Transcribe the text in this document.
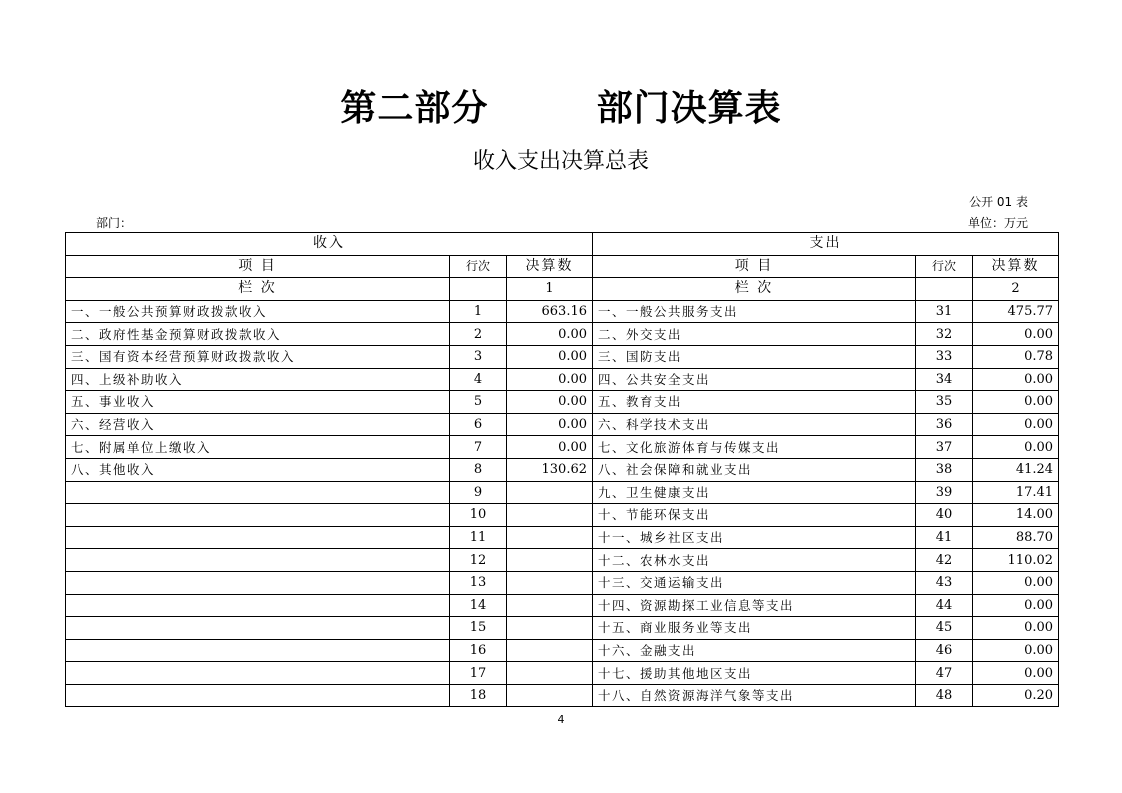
第二部分        部门决算表
收入支出决算总表
公开 01 表
单位：万元
部门：
收入			支出		
项 目	行次	决算数	项 目	行次	决算数
栏 次		1	栏 次		2
一、一般公共预算财政拨款收入	1	663.16	一、一般公共服务支出	31	475.77
二、政府性基金预算财政拨款收入	2	0.00	二、外交支出	32	0.00
三、国有资本经营预算财政拨款收入	3	0.00	三、国防支出	33	0.78
四、上级补助收入	4	0.00	四、公共安全支出	34	0.00
五、事业收入	5	0.00	五、教育支出	35	0.00
六、经营收入	6	0.00	六、科学技术支出	36	0.00
七、附属单位上缴收入	7	0.00	七、文化旅游体育与传媒支出	37	0.00
八、其他收入	8	130.62	八、社会保障和就业支出	38	41.24
	9		九、卫生健康支出	39	17.41
	10		十、节能环保支出	40	14.00
	11		十一、城乡社区支出	41	88.70
	12		十二、农林水支出	42	110.02
	13		十三、交通运输支出	43	0.00
	14		十四、资源勘探工业信息等支出	44	0.00
	15		十五、商业服务业等支出	45	0.00
	16		十六、金融支出	46	0.00
	17		十七、援助其他地区支出	47	0.00
	18		十八、自然资源海洋气象等支出	48	0.20
4
